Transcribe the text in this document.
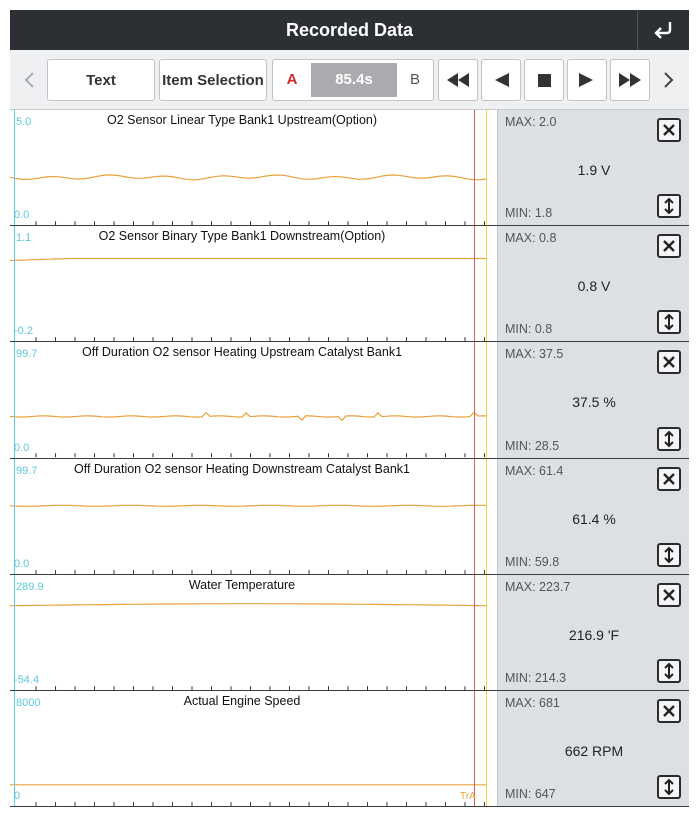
Recorded Data
Text	Item Selection	A	85.4s	B
5.0
0.0
O2 Sensor Linear Type Bank1 Upstream(Option)	MAX: 2.0
1.9 V
MIN: 1.8
1.1
-0.2
O2 Sensor Binary Type Bank1 Downstream(Option)	MAX: 0.8
0.8 V
MIN: 0.8
99.7
0.0
Off Duration O2 sensor Heating Upstream Catalyst Bank1	MAX: 37.5
37.5 %
MIN: 28.5
99.7
0.0
Off Duration O2 sensor Heating Downstream Catalyst Bank1	MAX: 61.4
61.4 %
MIN: 59.8
289.9
-54.4
Water Temperature	MAX: 223.7
216.9 'F
MIN: 214.3
8000
0
Actual Engine Speed
TrA
MAX: 681
662 RPM
MIN: 647
